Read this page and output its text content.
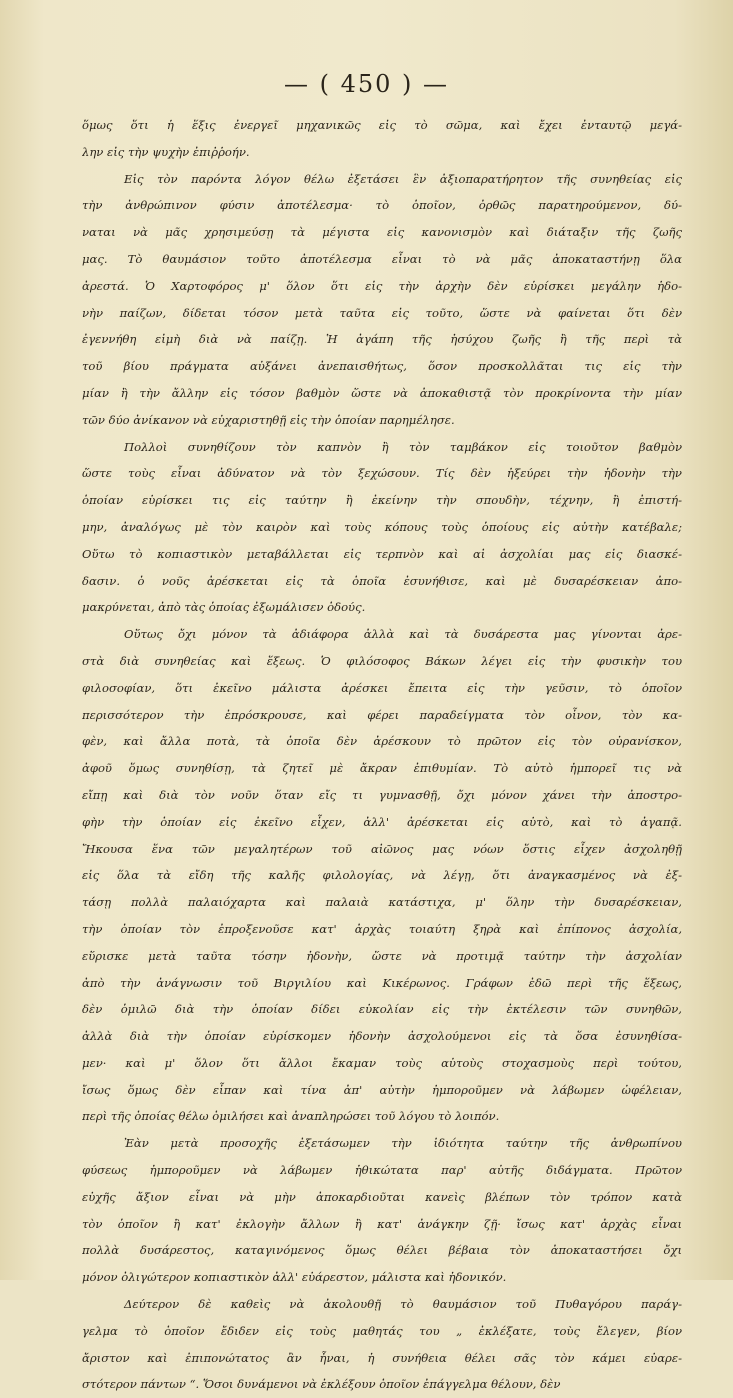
— ( 450 ) —
ὅμως ὅτι ἡ ἕξις ἐνεργεῖ μηχανικῶς εἰς τὸ σῶμα, καὶ ἔχει ἐνταυτῷ μεγά-
λην εἰς τὴν ψυχὴν ἐπιῤῥοήν.
Εἰς τὸν παρόντα λόγον θέλω ἐξετάσει ἓν ἀξιοπαρατήρητον τῆς συνηθείας εἰς
τὴν ἀνθρώπινον φύσιν ἀποτέλεσμα· τὸ ὁποῖον, ὀρθῶς παρατηρούμενον, δύ-
ναται νὰ μᾶς χρησιμεύσῃ τὰ μέγιστα εἰς κανονισμὸν καὶ διάταξιν τῆς ζωῆς
μας. Τὸ θαυμάσιον τοῦτο ἀποτέλεσμα εἶναι τὸ νὰ μᾶς ἀποκαταστήνῃ ὅλα
ἀρεστά. Ὁ Χαρτοφόρος μ' ὅλον ὅτι εἰς τὴν ἀρχὴν δὲν εὑρίσκει μεγάλην ἡδο-
νὴν παίζων, δίδεται τόσον μετὰ ταῦτα εἰς τοῦτο, ὥστε νὰ φαίνεται ὅτι δὲν
ἐγεννήθη εἰμὴ διὰ νὰ παίζῃ. Ἡ ἀγάπη τῆς ἡσύχου ζωῆς ἢ τῆς περὶ τὰ
τοῦ βίου πράγματα αὐξάνει ἀνεπαισθήτως, ὅσον προσκολλᾶται τις εἰς τὴν
μίαν ἢ τὴν ἄλλην εἰς τόσον βαθμὸν ὥστε νὰ ἀποκαθιστᾷ τὸν προκρίνοντα τὴν μίαν
τῶν δύο ἀνίκανον νὰ εὐχαριστηθῇ εἰς τὴν ὁποίαν παρημέλησε.
Πολλοὶ συνηθίζουν τὸν καπνὸν ἢ τὸν ταμβάκον εἰς τοιοῦτον βαθμὸν
ὥστε τοὺς εἶναι ἀδύνατον νὰ τὸν ξεχώσουν. Τίς δὲν ἠξεύρει τὴν ἡδονὴν τὴν
ὁποίαν εὑρίσκει τις εἰς ταύτην ἢ ἐκείνην τὴν σπουδὴν, τέχνην, ἢ ἐπιστή-
μην, ἀναλόγως μὲ τὸν καιρὸν καὶ τοὺς κόπους τοὺς ὁποίους εἰς αὐτὴν κατέβαλε;
Οὕτω τὸ κοπιαστικὸν μεταβάλλεται εἰς τερπνὸν καὶ αἱ ἀσχολίαι μας εἰς διασκέ-
δασιν. ὁ νοῦς ἀρέσκεται εἰς τὰ ὁποῖα ἐσυνήθισε, καὶ μὲ δυσαρέσκειαν ἀπο-
μακρύνεται, ἀπὸ τὰς ὁποίας ἐξωμάλισεν ὁδούς.
Οὕτως ὄχι μόνον τὰ ἀδιάφορα ἀλλὰ καὶ τὰ δυσάρεστα μας γίνονται ἀρε-
στὰ διὰ συνηθείας καὶ ἕξεως. Ὁ φιλόσοφος Βάκων λέγει εἰς τὴν φυσικὴν του
φιλοσοφίαν, ὅτι ἐκεῖνο μάλιστα ἀρέσκει ἔπειτα εἰς τὴν γεῦσιν, τὸ ὁποῖον
περισσότερον τὴν ἐπρόσκρουσε, καὶ φέρει παραδείγματα τὸν οἶνον, τὸν κα-
φὲν, καὶ ἄλλα ποτὰ, τὰ ὁποῖα δὲν ἀρέσκουν τὸ πρῶτον εἰς τὸν οὐρανίσκον,
ἀφοῦ ὅμως συνηθίσῃ, τὰ ζητεῖ μὲ ἄκραν ἐπιθυμίαν. Τὸ αὐτὸ ἠμπορεῖ τις νὰ
εἴπῃ καὶ διὰ τὸν νοῦν ὅταν εἴς τι γυμνασθῇ, ὄχι μόνον χάνει τὴν ἀποστρο-
φὴν τὴν ὁποίαν εἰς ἐκεῖνο εἶχεν, ἀλλ' ἀρέσκεται εἰς αὐτὸ, καὶ τὸ ἀγαπᾷ.
Ἤκουσα ἕνα τῶν μεγαλητέρων τοῦ αἰῶνος μας νόων ὅστις εἶχεν ἀσχοληθῇ
εἰς ὅλα τὰ εἴδη τῆς καλῆς φιλολογίας, νὰ λέγῃ, ὅτι ἀναγκασμένος νὰ ἐξ-
τάσῃ πολλὰ παλαιόχαρτα καὶ παλαιὰ κατάστιχα, μ' ὅλην τὴν δυσαρέσκειαν,
τὴν ὁποίαν τὸν ἐπροξενοῦσε κατ' ἀρχὰς τοιαύτη ξηρὰ καὶ ἐπίπονος ἀσχολία,
εὕρισκε μετὰ ταῦτα τόσην ἡδονὴν, ὥστε νὰ προτιμᾷ ταύτην τὴν ἀσχολίαν
ἀπὸ τὴν ἀνάγνωσιν τοῦ Βιργιλίου καὶ Κικέρωνος. Γράφων ἐδῶ περὶ τῆς ἕξεως,
δὲν ὁμιλῶ διὰ τὴν ὁποίαν δίδει εὐκολίαν εἰς τὴν ἐκτέλεσιν τῶν συνηθῶν,
ἀλλὰ διὰ τὴν ὁποίαν εὑρίσκομεν ἡδονὴν ἀσχολούμενοι εἰς τὰ ὅσα ἐσυνηθίσα-
μεν· καὶ μ' ὅλον ὅτι ἄλλοι ἔκαμαν τοὺς αὐτοὺς στοχασμοὺς περὶ τούτου,
ἴσως ὅμως δὲν εἶπαν καὶ τίνα ἀπ' αὐτὴν ἠμποροῦμεν νὰ λάβωμεν ὠφέλειαν,
περὶ τῆς ὁποίας θέλω ὁμιλήσει καὶ ἀναπληρώσει τοῦ λόγου τὸ λοιπόν.
Ἐὰν μετὰ προσοχῆς ἐξετάσωμεν τὴν ἰδιότητα ταύτην τῆς ἀνθρωπίνου
φύσεως ἠμποροῦμεν νὰ λάβωμεν ἠθικώτατα παρ' αὐτῆς διδάγματα. Πρῶτον
εὐχῆς ἄξιον εἶναι νὰ μὴν ἀποκαρδιοῦται κανεὶς βλέπων τὸν τρόπον κατὰ
τὸν ὁποῖον ἢ κατ' ἐκλογὴν ἄλλων ἢ κατ' ἀνάγκην ζῇ· ἴσως κατ' ἀρχὰς εἶναι
πολλὰ δυσάρεστος, καταγινόμενος ὅμως θέλει βέβαια τὸν ἀποκαταστήσει ὄχι
μόνον ὀλιγώτερον κοπιαστικὸν ἀλλ' εὐάρεστον, μάλιστα καὶ ἡδονικόν.
Δεύτερον δὲ καθεὶς νὰ ἀκολουθῇ τὸ θαυμάσιον τοῦ Πυθαγόρου παράγ-
γελμα τὸ ὁποῖον ἔδιδεν εἰς τοὺς μαθητάς του „ ἐκλέξατε, τοὺς ἔλεγεν, βίον
ἄριστον καὶ ἐπιπονώτατος ἂν ἦναι, ἡ συνήθεια θέλει σᾶς τὸν κάμει εὐαρε-
στότερον πάντων “. Ὅσοι δυνάμενοι νὰ ἐκλέξουν ὁποῖον ἐπάγγελμα θέλουν, δὲν
